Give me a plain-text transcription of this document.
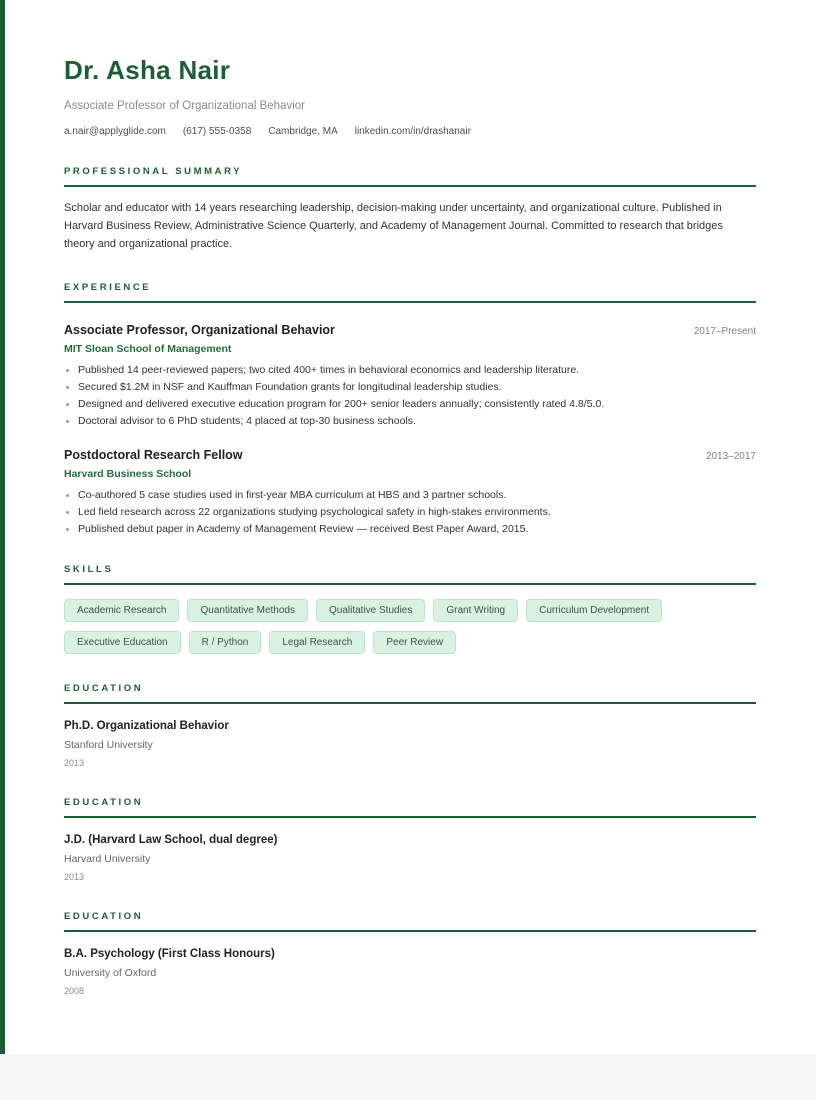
Dr. Asha Nair
Associate Professor of Organizational Behavior
a.nair@applyglide.com (617) 555-0358 Cambridge, MA linkedin.com/in/drashanair
PROFESSIONAL SUMMARY

Scholar and educator with 14 years researching leadership, decision-making under uncertainty, and organizational culture. Published in Harvard Business Review, Administrative Science Quarterly, and Academy of Management Journal. Committed to research that bridges theory and organizational practice.

EXPERIENCE
Associate Professor, Organizational Behavior	2017–Present
MIT Sloan School of Management
Published 14 peer-reviewed papers; two cited 400+ times in behavioral economics and leadership literature.
Secured $1.2M in NSF and Kauffman Foundation grants for longitudinal leadership studies.
Designed and delivered executive education program for 200+ senior leaders annually; consistently rated 4.8/5.0.
Doctoral advisor to 6 PhD students; 4 placed at top-30 business schools.
Postdoctoral Research Fellow	2013–2017
Harvard Business School
Co-authored 5 case studies used in first-year MBA curriculum at HBS and 3 partner schools.
Led field research across 22 organizations studying psychological safety in high-stakes environments.
Published debut paper in Academy of Management Review — received Best Paper Award, 2015.
SKILLS
Academic Research	Quantitative Methods	Qualitative Studies	Grant Writing	Curriculum Development
Executive Education	R / Python	Legal Research	Peer Review
EDUCATION
Ph.D. Organizational Behavior
Stanford University
2013
EDUCATION
J.D. (Harvard Law School, dual degree)
Harvard University
2013
EDUCATION
B.A. Psychology (First Class Honours)
University of Oxford
2008
